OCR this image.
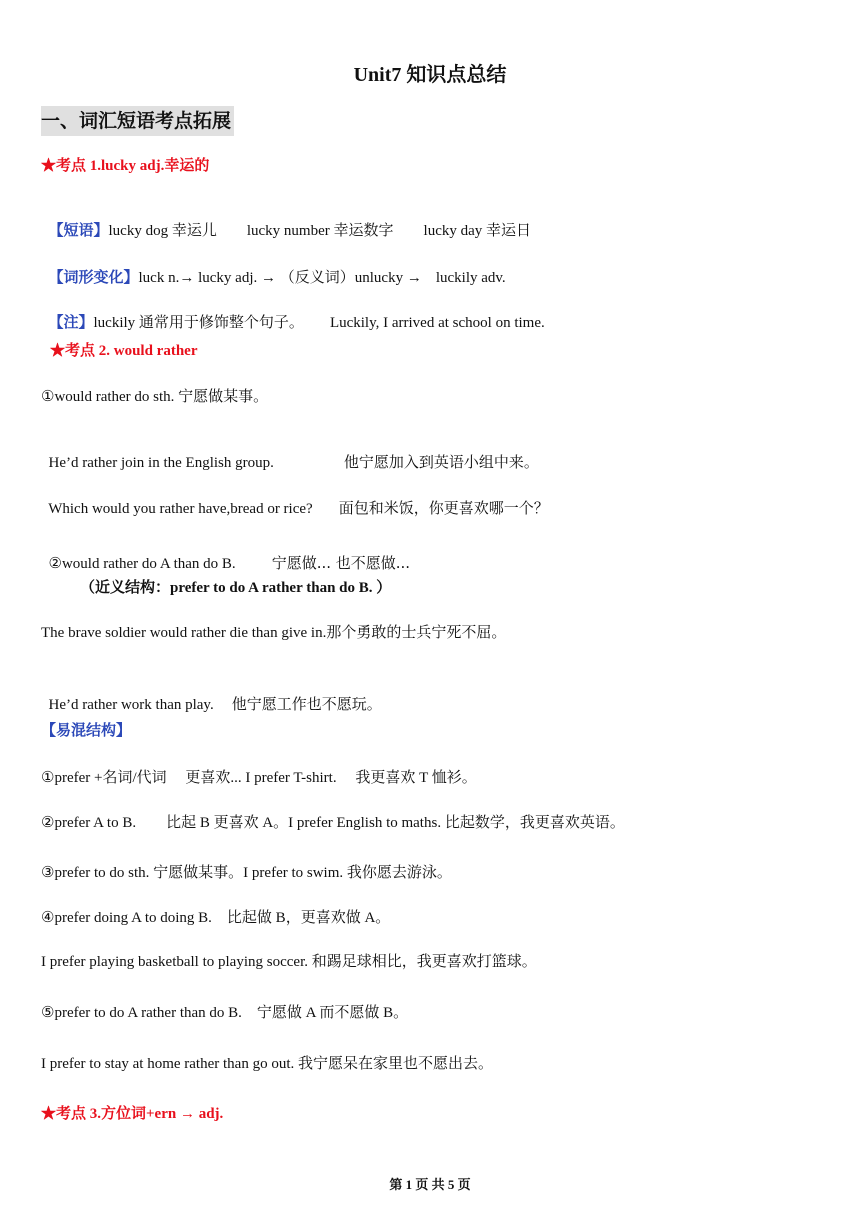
Unit7 知识点总结
一、词汇短语考点拓展
★考点 1.lucky adj.幸运的

【短语】lucky dog 幸运儿 lucky number 幸运数字 lucky day 幸运日

【词形变化】luck n.→ lucky adj. → （反义词）unlucky → luckily adv.

【注】luckily 通常用于修饰整个句子。 Luckily, I arrived at school on time.

★考点 2. would rather
①would rather do sth. 宁愿做某事。

He’d rather join in the English group.	他宁愿加入到英语小组中来。

Which would you rather have,bread or rice? 面包和米饭，你更喜欢哪一个？

②would rather do A than do B. 宁愿做... 也不愿做...

（近义结构：prefer to do A rather than do B. ）
The brave soldier would rather die than give in.那个勇敢的士兵宁死不屈。

He’d rather work than play. 他宁愿工作也不愿玩。

【易混结构】
①prefer +名词/代词　 更喜欢... I prefer T-shirt.　 我更喜欢 T 恤衫。
②prefer A to B.　　比起 B 更喜欢 A。I prefer English to maths. 比起数学，我更喜欢英语。
③prefer to do sth. 宁愿做某事。I prefer to swim. 我你愿去游泳。
④prefer doing A to doing B.　比起做 B，更喜欢做 A。
I prefer playing basketball to playing soccer. 和踢足球相比，我更喜欢打篮球。
⑤prefer to do A rather than do B.　宁愿做 A 而不愿做 B。
I prefer to stay at home rather than go out. 我宁愿呆在家里也不愿出去。
★考点 3.方位词+ern → adj.
第 1 页 共 5 页
